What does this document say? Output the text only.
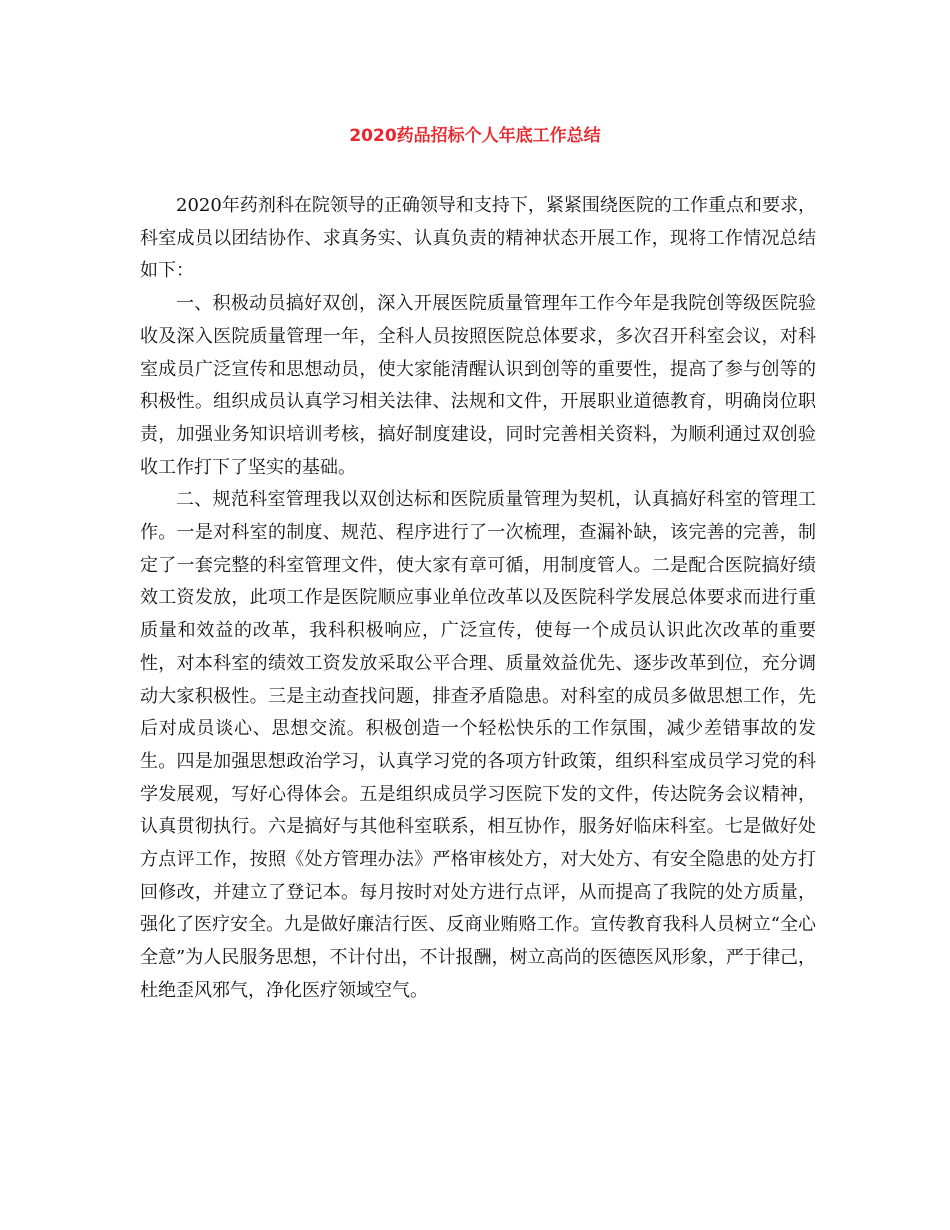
2020药品招标个人年底工作总结

2020年药剂科在院领导的正确领导和支持下，紧紧围绕医院的工作重点和要求，科室成员以团结协作、求真务实、认真负责的精神状态开展工作，现将工作情况总结如下：

一、积极动员搞好双创，深入开展医院质量管理年工作今年是我院创等级医院验收及深入医院质量管理一年，全科人员按照医院总体要求，多次召开科室会议，对科室成员广泛宣传和思想动员，使大家能清醒认识到创等的重要性，提高了参与创等的积极性。组织成员认真学习相关法律、法规和文件，开展职业道德教育，明确岗位职责，加强业务知识培训考核，搞好制度建设，同时完善相关资料，为顺利通过双创验收工作打下了坚实的基础。

二、规范科室管理我以双创达标和医院质量管理为契机，认真搞好科室的管理工作。一是对科室的制度、规范、程序进行了一次梳理，查漏补缺，该完善的完善，制定了一套完整的科室管理文件，使大家有章可循，用制度管人。二是配合医院搞好绩效工资发放，此项工作是医院顺应事业单位改革以及医院科学发展总体要求而进行重质量和效益的改革，我科积极响应，广泛宣传，使每一个成员认识此次改革的重要性，对本科室的绩效工资发放采取公平合理、质量效益优先、逐步改革到位，充分调动大家积极性。三是主动查找问题，排查矛盾隐患。对科室的成员多做思想工作，先后对成员谈心、思想交流。积极创造一个轻松快乐的工作氛围，减少差错事故的发生。四是加强思想政治学习，认真学习党的各项方针政策，组织科室成员学习党的科学发展观，写好心得体会。五是组织成员学习医院下发的文件，传达院务会议精神，认真贯彻执行。六是搞好与其他科室联系，相互协作，服务好临床科室。七是做好处方点评工作，按照《处方管理办法》严格审核处方，对大处方、有安全隐患的处方打回修改，并建立了登记本。每月按时对处方进行点评，从而提高了我院的处方质量，强化了医疗安全。九是做好廉洁行医、反商业贿赂工作。宣传教育我科人员树立“全心全意”为人民服务思想，不计付出，不计报酬，树立高尚的医德医风形象，严于律己，杜绝歪风邪气，净化医疗领域空气。
